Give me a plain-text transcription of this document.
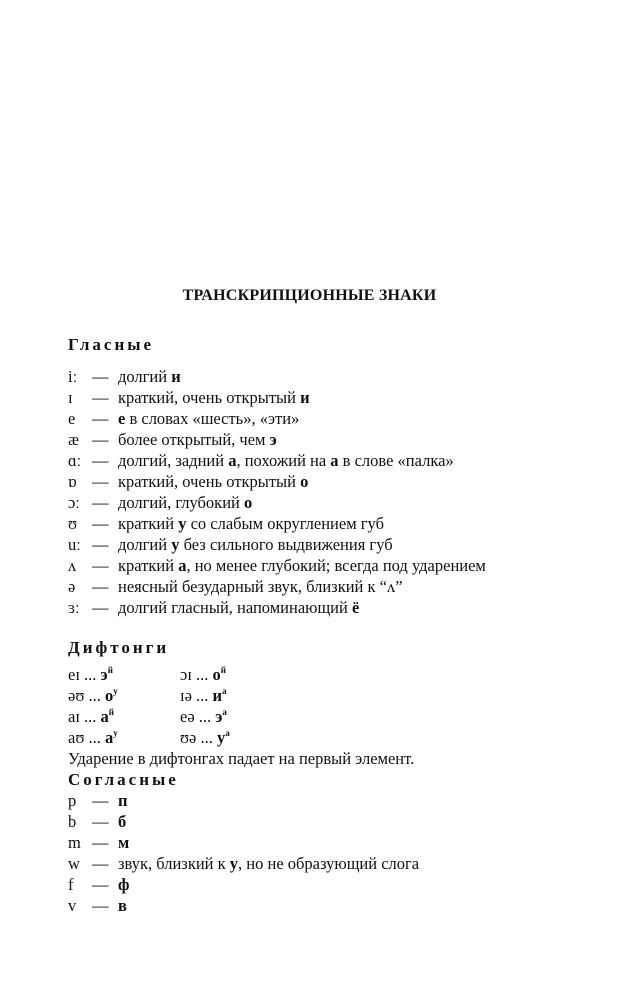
ТРАНСКРИПЦИОННЫЕ ЗНАКИ
Гласные
iː — долгий и
ɪ	— краткий, очень открытый и
e	— е в словах «шесть», «эти»
æ — более открытый, чем э
ɑː — долгий, задний а, похожий на а в слове «палка»
ɒ — краткий, очень открытый о
ɔː — долгий, глубокий о
ʊ — краткий у со слабым округлением губ
uː — долгий у без сильного выдвижения губ
ʌ — краткий а, но менее глубокий; всегда под ударением
ə	— неясный безударный звук, близкий к “ʌ”
ɜː — долгий гласный, напоминающий ё
Дифтонги
eɪ ... $э^й$	ɔɪ ... $о^й$
əʊ ... $о^у$	ɪə ... $и^а$
aɪ ... $а^й$	eə ... $э^а$
aʊ ... $а^у$	ʊə ... $у^а$
Ударение в дифтонгах падает на первый элемент.
Согласные
p — п
b — б
m — м
w — звук, близкий к у, но не образующий слога
f	— ф
v — в
